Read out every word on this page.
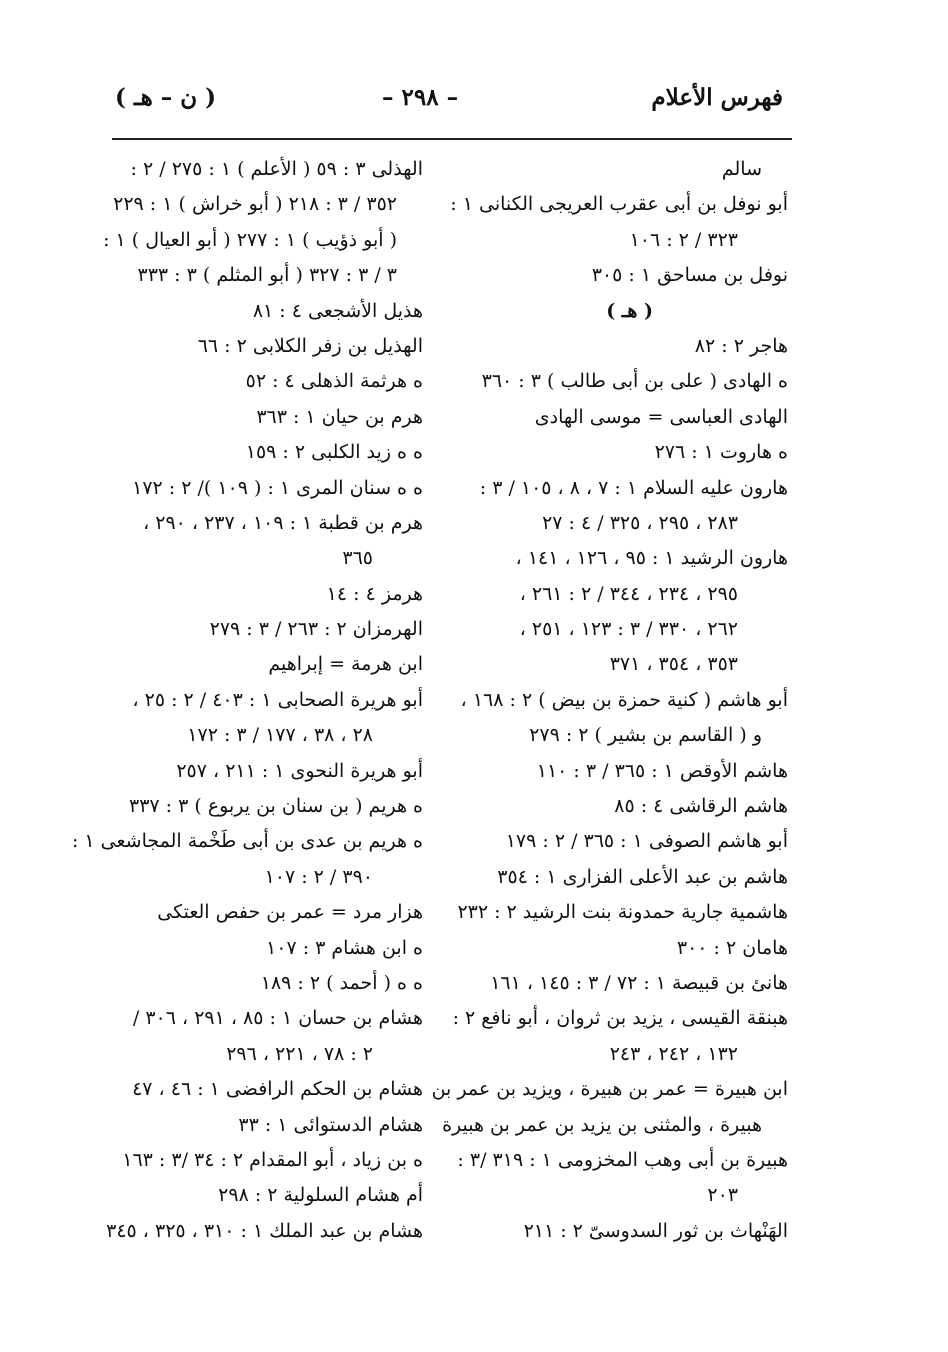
فهرس الأعلام
– ٢٩٨ –
( ن – هـ )
سالم
أبو نوفل بن أبى عقرب العريجى الكنانى ١ :
٣٢٣ / ٢ : ١٠٦
نوفل بن مساحق ١ : ٣٠٥
( هـ )
هاجر ٢ : ٨٢
ه الهادى ( على بن أبى طالب ) ٣ : ٣٦٠
الهادى العباسى = موسى الهادى
ه هاروت ١ : ٢٧٦
هارون عليه السلام ١ : ٧ ، ٨ ، ١٠٥ / ٣ :
٢٨٣ ، ٢٩٥ ، ٣٢٥ / ٤ : ٢٧
هارون الرشيد ١ : ٩٥ ، ١٢٦ ، ١٤١ ،
٢٩٥ ، ٢٣٤ ، ٣٤٤ / ٢ : ٢٦١ ،
٢٦٢ ، ٣٣٠ / ٣ : ١٢٣ ، ٢٥١ ،
٣٥٣ ، ٣٥٤ ، ٣٧١
أبو هاشم ( كنية حمزة بن بيض ) ٢ : ١٦٨ ،
و ( القاسم بن بشير ) ٢ : ٢٧٩
هاشم الأوقص ١ : ٣٦٥ / ٣ : ١١٠
هاشم الرقاشى ٤ : ٨٥
أبو هاشم الصوفى ١ : ٣٦٥ / ٢ : ١٧٩
هاشم بن عبد الأعلى الفزارى ١ : ٣٥٤
هاشمية جارية حمدونة بنت الرشيد ٢ : ٢٣٢
هامان ٢ : ٣٠٠
هانئ بن قبيصة ١ : ٧٢ / ٣ : ١٤٥ ، ١٦١
هبنقة القيسى ، يزيد بن ثروان ، أبو نافع ٢ :
١٣٢ ، ٢٤٢ ، ٢٤٣
ابن هبيرة = عمر بن هبيرة ، ويزيد بن عمر بن
هبيرة ، والمثنى بن يزيد بن عمر بن هبيرة
هبيرة بن أبى وهب المخزومى ١ : ٣١٩ /٣ :
٢٠٣
الهَنْهاث بن ثور السدوسىّ ٢ : ٢١١
الهذلى ٣ : ٥٩ ( الأعلم ) ١ : ٢٧٥ / ٢ :
٣٥٢ / ٣ : ٢١٨ ( أبو خراش ) ١ : ٢٢٩
( أبو ذؤيب ) ١ : ٢٧٧ ( أبو العيال ) ١ :
٣ / ٣ : ٣٢٧ ( أبو المثلم ) ٣ : ٣٣٣
هذيل الأشجعى ٤ : ٨١
الهذيل بن زفر الكلابى ٢ : ٦٦
ه هرثمة الذهلى ٤ : ٥٢
هرم بن حيان ١ : ٣٦٣
ه ه زيد الكلبى ٢ : ١٥٩
ه ه سنان المرى ١ : ( ١٠٩ )/ ٢ : ١٧٢
هرم بن قطبة ١ : ١٠٩ ، ٢٣٧ ، ٢٩٠ ،
٣٦٥
هرمز ٤ : ١٤
الهرمزان ٢ : ٢٦٣ / ٣ : ٢٧٩
ابن هرمة = إبراهيم
أبو هريرة الصحابى ١ : ٤٠٣ / ٢ : ٢٥ ،
٢٨ ، ٣٨ ، ١٧٧ / ٣ : ١٧٢
أبو هريرة النحوى ١ : ٢١١ ، ٢٥٧
ه هريم ( بن سنان بن يربوع ) ٣ : ٣٣٧
ه هريم بن عدى بن أبى طَخْمة المجاشعى ١ :
٣٩٠ / ٢ : ١٠٧
هزار مرد = عمر بن حفص العتكى
ه ابن هشام ٣ : ١٠٧
ه ه ( أحمد ) ٢ : ١٨٩
هشام بن حسان ١ : ٨٥ ، ٢٩١ ، ٣٠٦ /
٢ : ٧٨ ، ٢٢١ ، ٢٩٦
هشام بن الحكم الرافضى ١ : ٤٦ ، ٤٧
هشام الدستوائى ١ : ٣٣
ه بن زياد ، أبو المقدام ٢ : ٣٤ /٣ : ١٦٣
أم هشام السلولية ٢ : ٢٩٨
هشام بن عبد الملك ١ : ٣١٠ ، ٣٢٥ ، ٣٤٥
